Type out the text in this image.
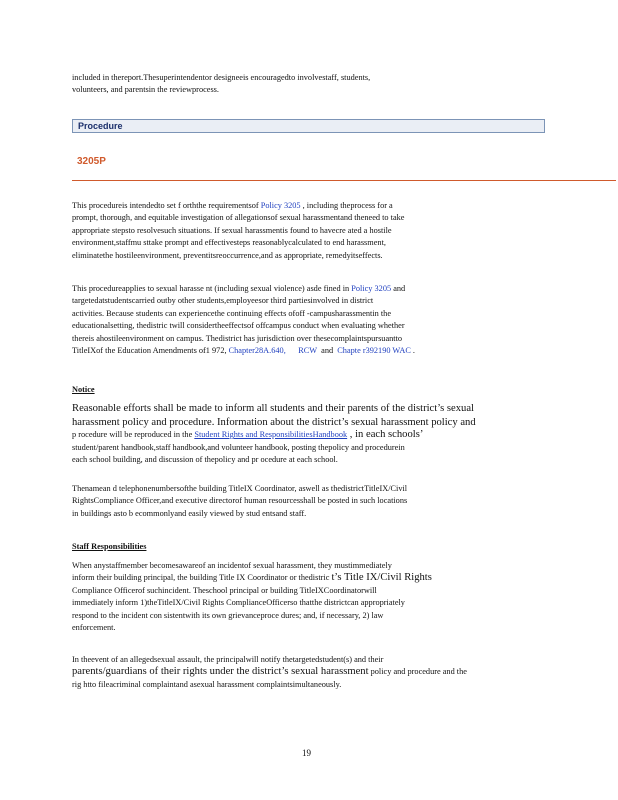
included in thereport.Thesuperintendentor designeeis encouragedto involvestaff, students,
volunteers, and parentsin the reviewprocess.
Procedure
3205P
This procedureis intendedto set f orththe requirementsof Policy 3205 , including theprocess for a
prompt, thorough, and equitable investigation of allegationsof sexual harassmentand theneed to take
appropriate stepsto resolvesuch situations. If sexual harassmentis found to havecre ated a hostile
environment,staffmu sttake prompt and effectivesteps reasonablycalculated to end harassment,
eliminatethe hostileenvironment, preventitsreoccurrence,and as appropriate, remedyitseffects.
This procedureapplies to sexual harasse nt (including sexual violence) asde fined in Policy 3205 and
targetedatstudentscarried outby other students,employeesor third partiesinvolved in district
activities. Because students can experiencethe continuing effects ofoff -campusharassmentin the
educationalsetting, thedistric twill considertheeffectsof offcampus conduct when evaluating whether
thereis ahostileenvironment on campus. Thedistrict has jurisdiction over thesecomplaintspursuantto
TitleIXof the Education Amendments of1 972, Chapter28A.640, RCW  and  Chapte r392190 WAC .
Notice
Reasonable efforts shall be made to inform all students and their parents of the district’s sexual
harassment policy and procedure. Information about the district’s sexual harassment policy and
p rocedure will be reproduced in the Student Rights and ResponsibilitiesHandbook , in each schools’
student/parent handbook,staff handbook,and volunteer handbook, posting thepolicy and procedurein
each school building, and discussion of thepolicy and pr ocedure at each school.
Thenamean d telephonenumbersofthe building TitleIX Coordinator, aswell as thedistrictTitleIX/Civil
RightsCompliance Officer,and executive directorof human resourcesshall be posted in such locations
in buildings asto b ecommonlyand easily viewed by stud entsand staff.
Staff Responsibilities
When anystaffmember becomesawareof an incidentof sexual harassment, they mustimmediately
inform their building principal, the building Title IX Coordinator or thedistric t’s Title IX/Civil Rights
Compliance Officerof suchincident. Theschool principal or building TitleIXCoordinatorwill
immediately inform 1)theTitleIX/Civil Rights ComplianceOfficerso thatthe districtcan appropriately
respond to the incident con sistentwith its own grievanceproce dures; and, if necessary, 2) law
enforcement.
In theevent of an allegedsexual assault, the principalwill notify thetargetedstudent(s) and their
parents/guardians of their rights under the district’s sexual harassment policy and procedure and the
rig htto fileacriminal complaintand asexual harassment complaintsimultaneously.
19
